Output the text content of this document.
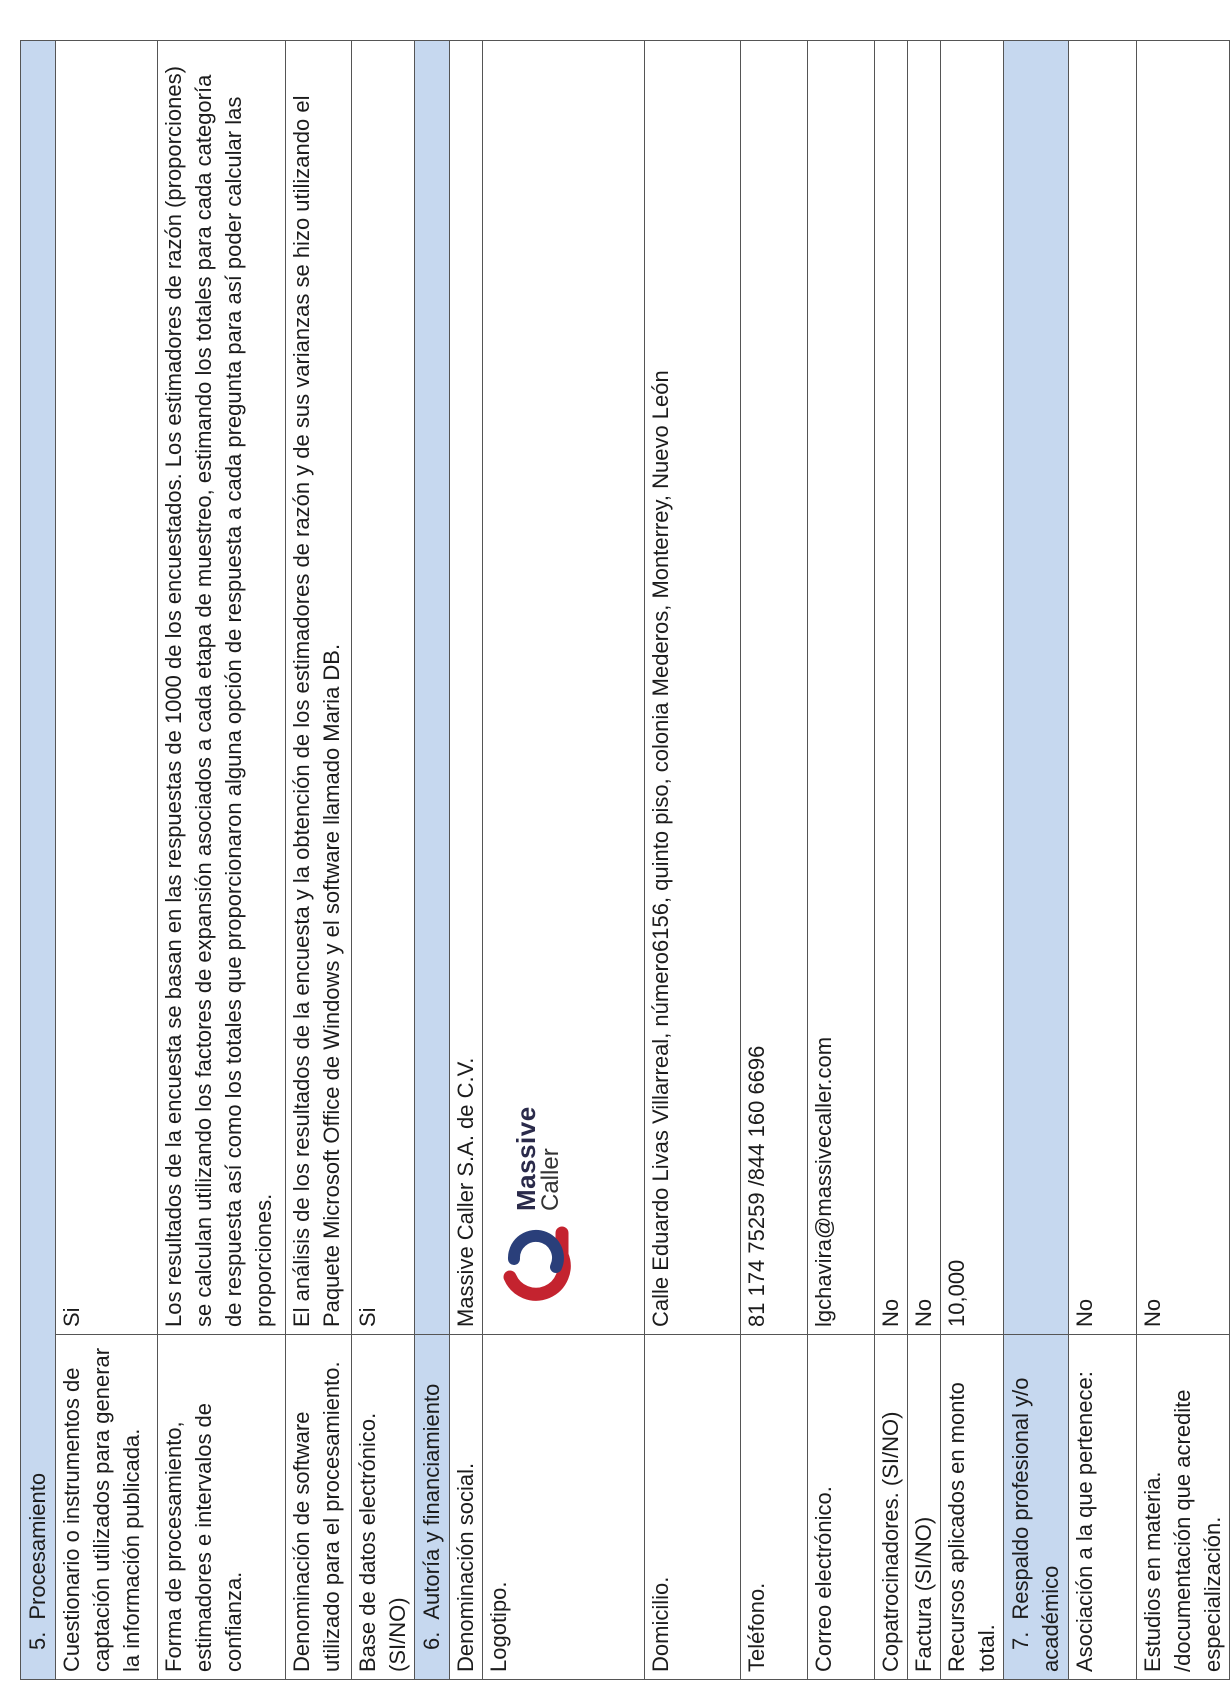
5.Procesamiento	
Cuestionario o instrumentos de captación utilizados para generar la información publicada.	Si
Forma de procesamiento, estimadores e intervalos de confianza.	Los resultados de la encuesta se basan en las respuestas de 1000 de los encuestados. Los estimadores de razón (proporciones) se calculan utilizando los factores de expansión asociados a cada etapa de muestreo, estimando los totales para cada categoría de respuesta así como los totales que proporcionaron alguna opción de respuesta a cada pregunta para así poder calcular las proporciones.
Denominación de software utilizado para el procesamiento.	El análisis de los resultados de la encuesta y la obtención de los estimadores de razón y de sus varianzas se hizo utilizando el Paquete Microsoft Office de Windows y el software llamado Maria DB.
Base de datos electrónico. (SI/NO)	Si
6.Autoría y financiamiento	
Denominación social.	Massive Caller S.A. de C.V.
Logotipo.	Massive
Caller

Domicilio.	Calle Eduardo Livas Villarreal, número6156, quinto piso, colonia Mederos, Monterrey, Nuevo León
Teléfono.	81 174 75259 /844 160 6696
Correo electrónico.	lgchavira@massivecaller.com
Copatrocinadores. (SI/NO)	No
Factura (SI/NO)	No
Recursos aplicados en monto total.	10,000
7.Respaldo profesional y/o académico	
Asociación a la que pertenece:	No
Estudios en materia. /documentación que acredite especialización.	No
